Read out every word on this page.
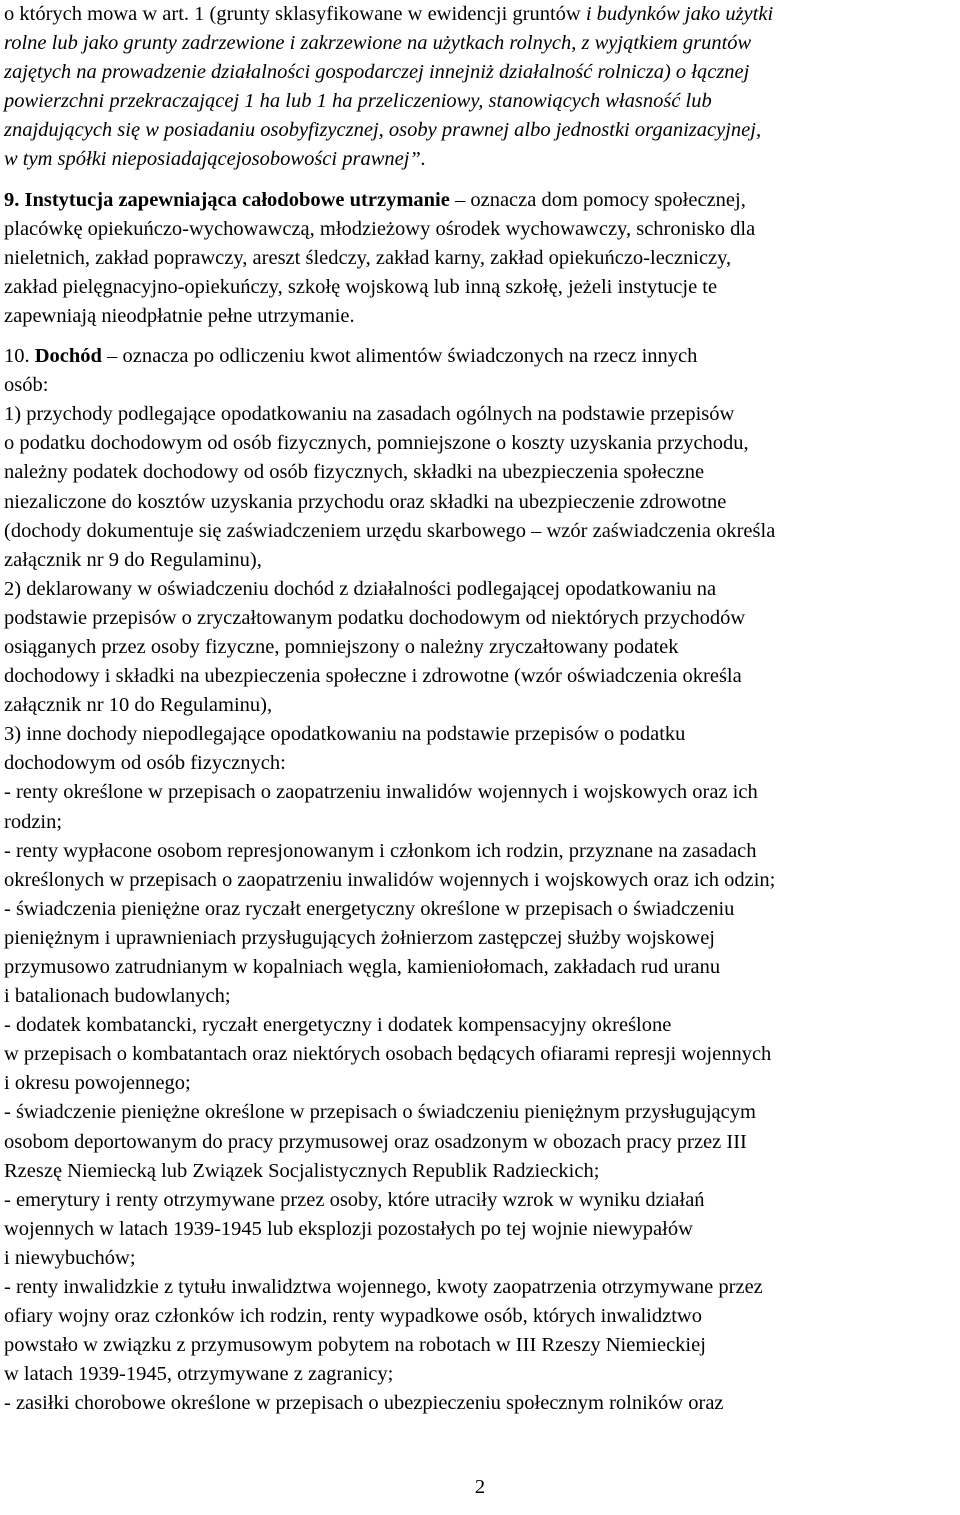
o których mowa w art. 1 (grunty sklasyfikowane w ewidencji gruntów i budynków jako użytki
rolne lub jako grunty zadrzewione i zakrzewione na użytkach rolnych, z wyjątkiem gruntów
zajętych na prowadzenie działalności gospodarczej innejniż działalność rolnicza) o łącznej
powierzchni przekraczającej 1 ha lub 1 ha przeliczeniowy, stanowiących własność lub
znajdujących się w posiadaniu osobyfizycznej, osoby prawnej albo jednostki organizacyjnej,
w tym spółki nieposiadającejosobowości prawnej”.
9. Instytucja zapewniająca całodobowe utrzymanie – oznacza dom pomocy społecznej,
placówkę opiekuńczo-wychowawczą, młodzieżowy ośrodek wychowawczy, schronisko dla
nieletnich, zakład poprawczy, areszt śledczy, zakład karny, zakład opiekuńczo-leczniczy,
zakład pielęgnacyjno-opiekuńczy, szkołę wojskową lub inną szkołę, jeżeli instytucje te
zapewniają nieodpłatnie pełne utrzymanie.
10. Dochód – oznacza po odliczeniu kwot alimentów świadczonych na rzecz innych
osób:
1) przychody podlegające opodatkowaniu na zasadach ogólnych na podstawie przepisów
o podatku dochodowym od osób fizycznych, pomniejszone o koszty uzyskania przychodu,
należny podatek dochodowy od osób fizycznych, składki na ubezpieczenia społeczne
niezaliczone do kosztów uzyskania przychodu oraz składki na ubezpieczenie zdrowotne
(dochody dokumentuje się zaświadczeniem urzędu skarbowego – wzór zaświadczenia określa
załącznik nr 9 do Regulaminu),
2) deklarowany w oświadczeniu dochód z działalności podlegającej opodatkowaniu na
podstawie przepisów o zryczałtowanym podatku dochodowym od niektórych przychodów
osiąganych przez osoby fizyczne, pomniejszony o należny zryczałtowany podatek
dochodowy i składki na ubezpieczenia społeczne i zdrowotne (wzór oświadczenia określa
załącznik nr 10 do Regulaminu),
3) inne dochody niepodlegające opodatkowaniu na podstawie przepisów o podatku
dochodowym od osób fizycznych:
- renty określone w przepisach o zaopatrzeniu inwalidów wojennych i wojskowych oraz ich
rodzin;
- renty wypłacone osobom represjonowanym i członkom ich rodzin, przyznane na zasadach
określonych w przepisach o zaopatrzeniu inwalidów wojennych i wojskowych oraz ich odzin;
- świadczenia pieniężne oraz ryczałt energetyczny określone w przepisach o świadczeniu
pieniężnym i uprawnieniach przysługujących żołnierzom zastępczej służby wojskowej
przymusowo zatrudnianym w kopalniach węgla, kamieniołomach, zakładach rud uranu
i batalionach budowlanych;
- dodatek kombatancki, ryczałt energetyczny i dodatek kompensacyjny określone
w przepisach o kombatantach oraz niektórych osobach będących ofiarami represji wojennych
i okresu powojennego;
- świadczenie pieniężne określone w przepisach o świadczeniu pieniężnym przysługującym
osobom deportowanym do pracy przymusowej oraz osadzonym w obozach pracy przez III
Rzeszę Niemiecką lub Związek Socjalistycznych Republik Radzieckich;
- emerytury i renty otrzymywane przez osoby, które utraciły wzrok w wyniku działań
wojennych w latach 1939-1945 lub eksplozji pozostałych po tej wojnie niewypałów
i niewybuchów;
- renty inwalidzkie z tytułu inwalidztwa wojennego, kwoty zaopatrzenia otrzymywane przez
ofiary wojny oraz członków ich rodzin, renty wypadkowe osób, których inwalidztwo
powstało w związku z przymusowym pobytem na robotach w III Rzeszy Niemieckiej
w latach 1939-1945, otrzymywane z zagranicy;
- zasiłki chorobowe określone w przepisach o ubezpieczeniu społecznym rolników oraz
2
